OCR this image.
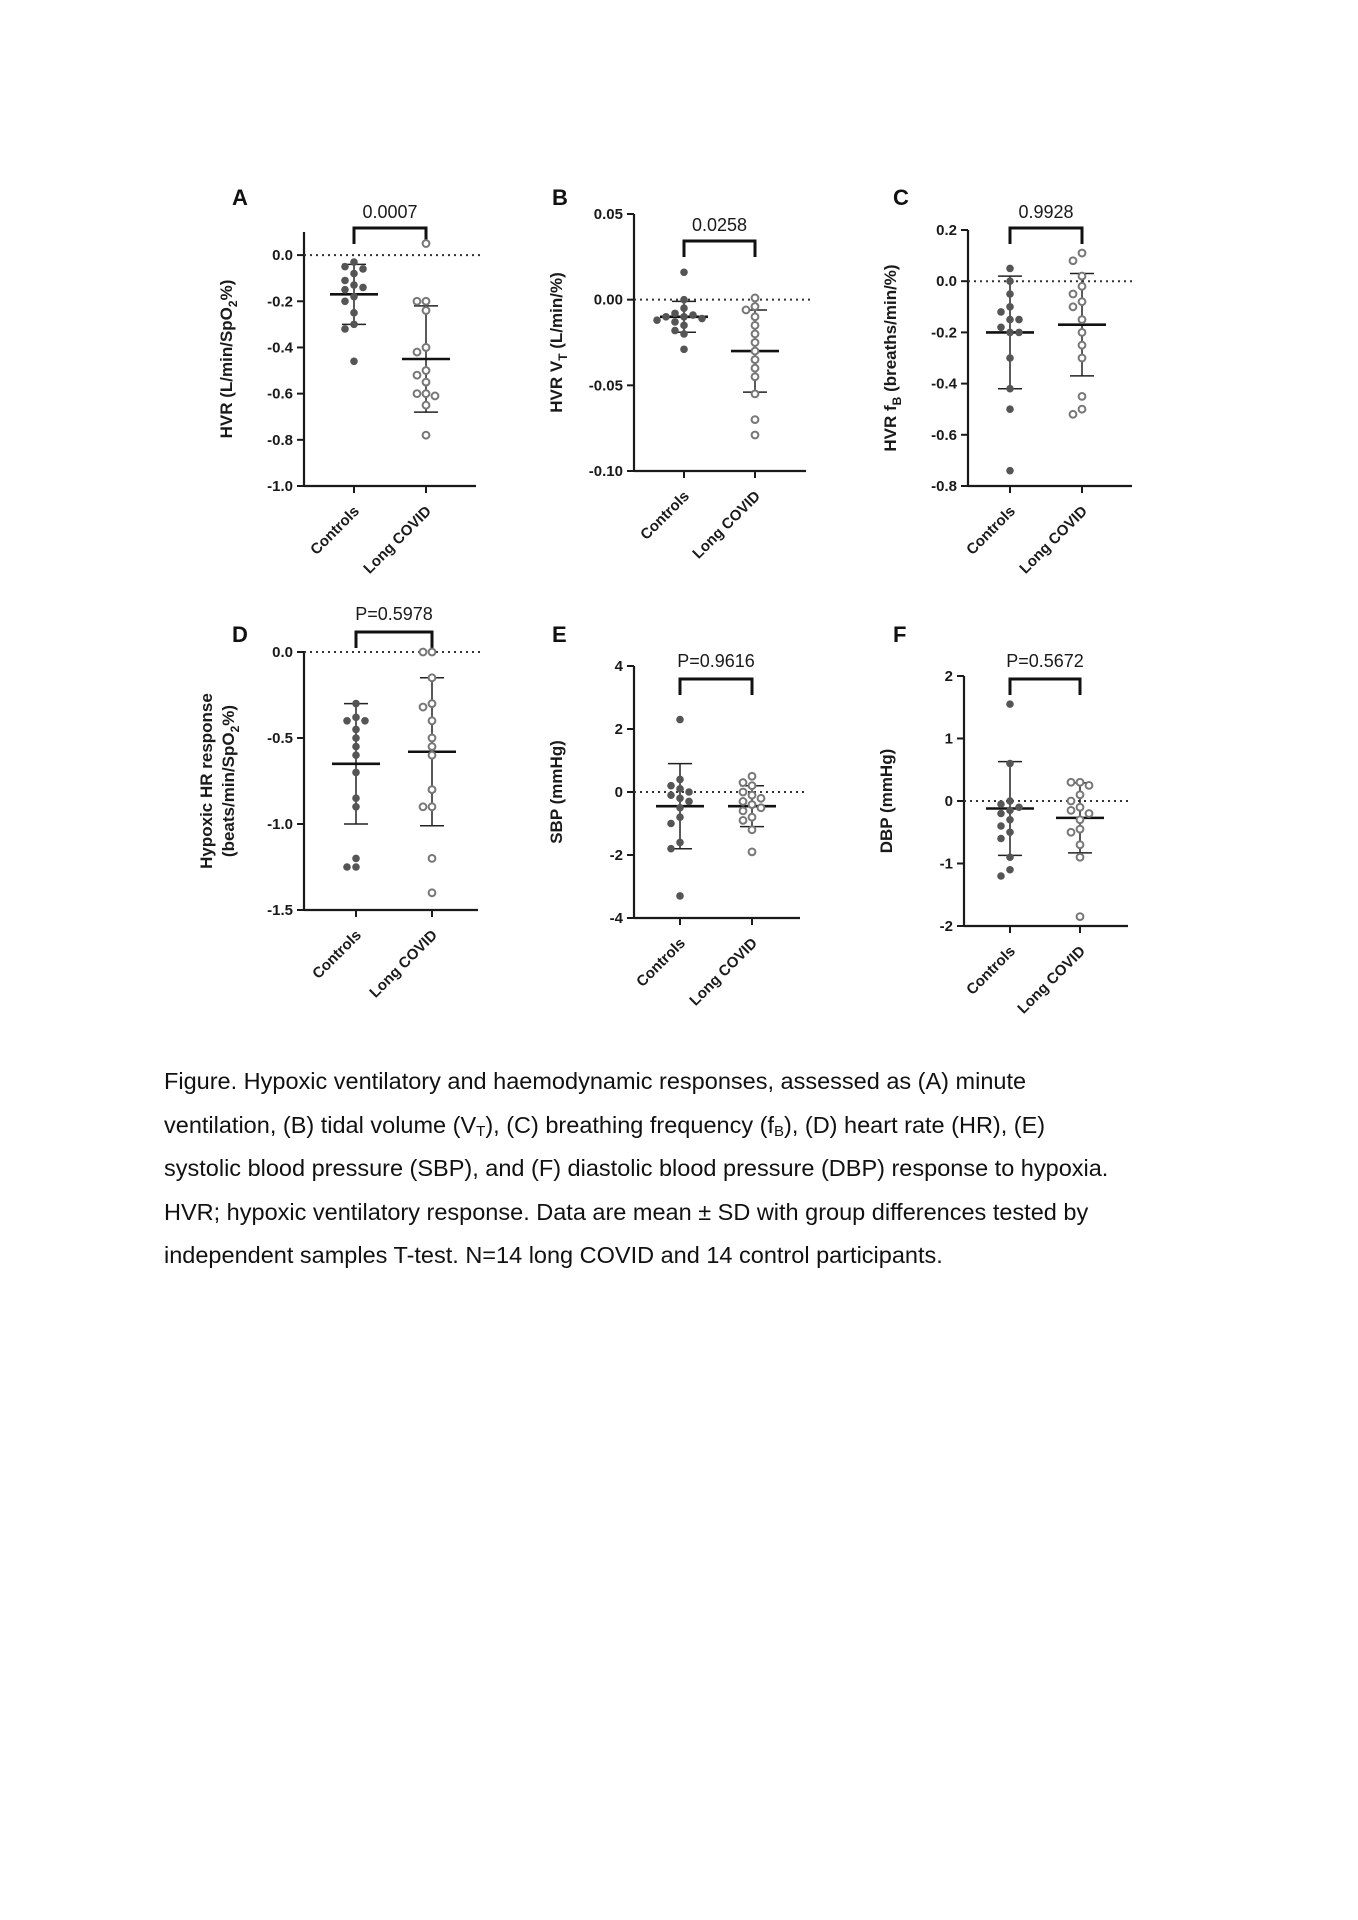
A
0.0
-0.2
-0.4
-0.6
-0.8
-1.0
Controls
Long COVID
HVR (L/min/SpO$_2$%)
0.0007
B
0.05
0.00
-0.05
-0.10
Controls
Long COVID
HVR $V_T$ (L/min/%)
0.0258
C
0.2
0.0
-0.2
-0.4
-0.6
-0.8
Controls
Long COVID
HVR $f_B$ (breaths/min/%)
0.9928
D
0.0
-0.5
-1.0
-1.5
Controls Long COVID
Hypoxic HR response (beats/min/SpO$_2$%)
P=0.5978
E
4
2
0
-2
-4
Controls
Long COVID
SBP (mmHg)
P=0.9616
F
2
1
0
-1
-2
Controls
Long COVID
DBP (mmHg)
P=0.5672

Figure. Hypoxic ventilatory and haemodynamic responses, assessed as (A) minute

ventilation, (B) tidal volume $(V_T)$, (C) breathing frequency $(f_B)$, (D) heart rate (HR), (E)

systolic blood pressure (SBP), and (F) diastolic blood pressure (DBP) response to hypoxia.

HVR; hypoxic ventilatory response. Data are mean ± SD with group differences tested by

independent samples T-test. N=14 long COVID and 14 control participants.
